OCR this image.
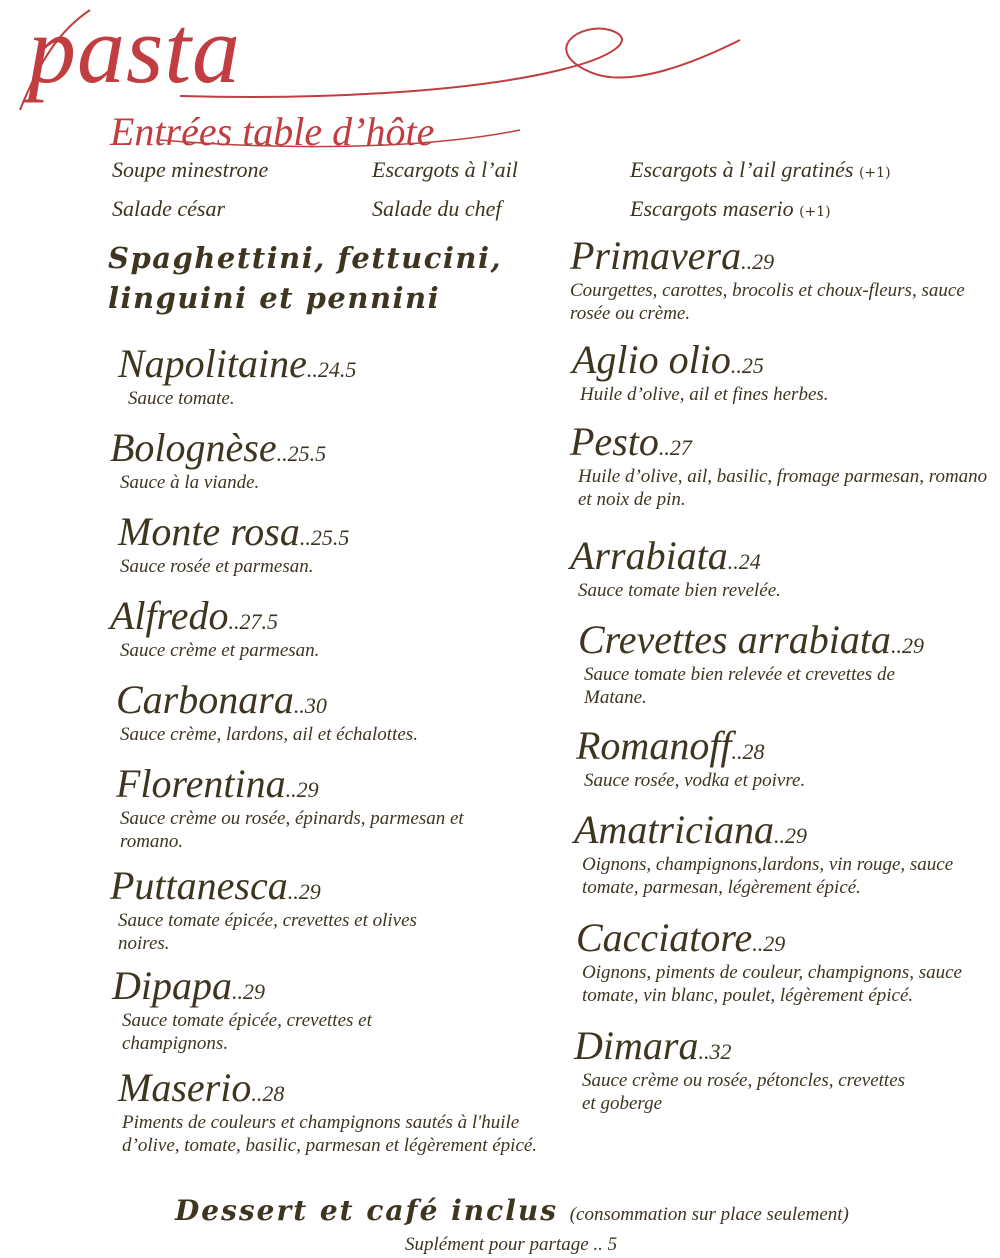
pasta
Entrées table d’hôte
Soupe minestrone	Escargots à l’ail	Escargots à l’ail gratinés (+1)
Salade césar	Salade du chef	Escargots maserio (+1)
Spaghettini, fettucini,
linguini et pennini
Napolitaine..24.5
Sauce tomate.
Bolognèse..25.5
Sauce à la viande.
Monte rosa..25.5
Sauce rosée et parmesan.
Alfredo..27.5
Sauce crème et parmesan.
Carbonara..30
Sauce crème, lardons, ail et échalottes.
Florentina..29
Sauce crème ou rosée, épinards, parmesan et romano.
Puttanesca..29
Sauce tomate épicée, crevettes et olives noires.
Dipapa..29
Sauce tomate épicée, crevettes et champignons.
Maserio..28
Piments de couleurs et champignons sautés à l'huile d’olive, tomate, basilic, parmesan et légèrement épicé.
Primavera..29
Courgettes, carottes, brocolis et choux-fleurs, sauce rosée ou crème.
Aglio olio..25
Huile d’olive, ail et fines herbes.
Pesto..27
Huile d’olive, ail, basilic, fromage parmesan, romano et noix de pin.
Arrabiata..24
Sauce tomate bien revelée.
Crevettes arrabiata..29
Sauce tomate bien relevée et crevettes de Matane.
Romanoff..28
Sauce rosée, vodka et poivre.
Amatriciana..29
Oignons, champignons,lardons, vin rouge, sauce tomate, parmesan, légèrement épicé.
Cacciatore..29
Oignons, piments de couleur, champignons, sauce tomate, vin blanc, poulet, légèrement épicé.
Dimara..32
Sauce crème ou rosée, pétoncles, crevettes et goberge
Dessert et café inclus (consommation sur place seulement)
Suplément pour partage .. 5
